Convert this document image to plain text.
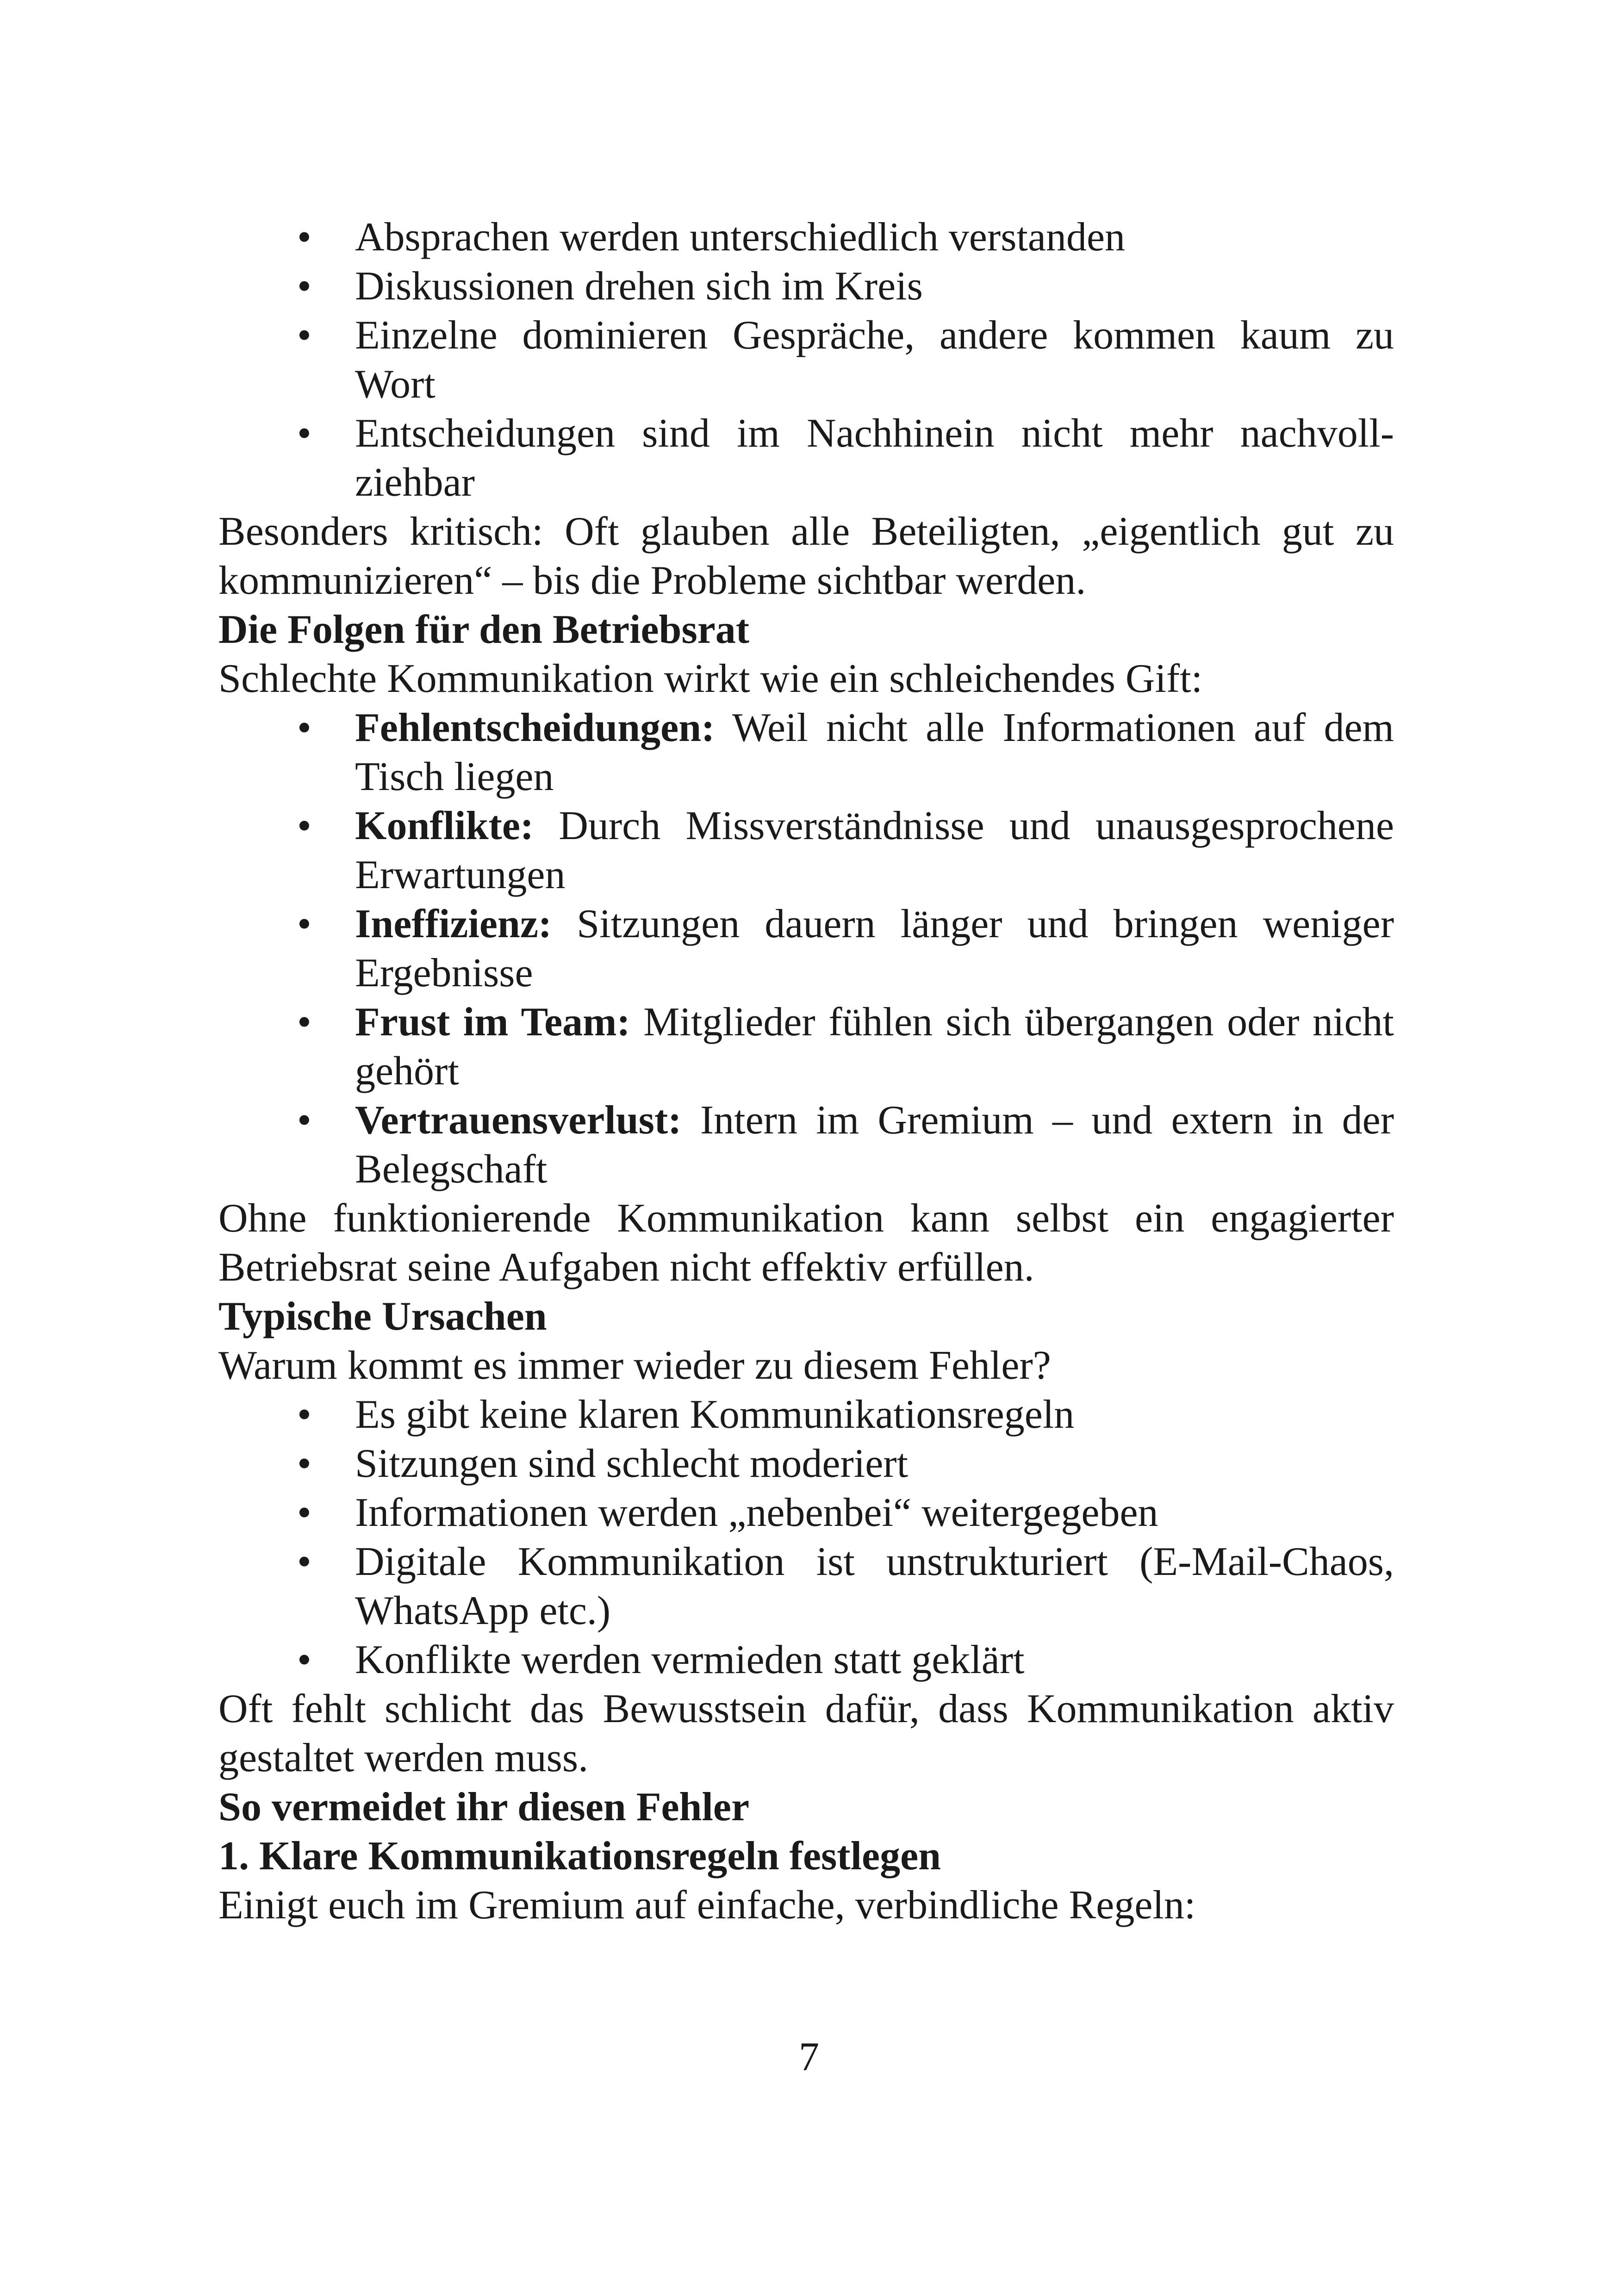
• Absprachen werden unterschiedlich verstanden
• Diskussionen drehen sich im Kreis
• Einzelne dominieren Gespräche, andere kommen kaum zu Wort
• Entscheidungen sind im Nachhinein nicht mehr nachvoll-ziehbar

Besonders kritisch: Oft glauben alle Beteiligten, „eigentlich gut zu kommunizieren“ – bis die Probleme sichtbar werden.

Die Folgen für den Betriebsrat

Schlechte Kommunikation wirkt wie ein schleichendes Gift:

• Fehlentscheidungen: Weil nicht alle Informationen auf dem Tisch liegen
• Konflikte: Durch Missverständnisse und unausgesprochene Erwartungen
• Ineffizienz: Sitzungen dauern länger und bringen weniger Ergebnisse
• Frust im Team: Mitglieder fühlen sich übergangen oder nicht gehört
• Vertrauensverlust: Intern im Gremium – und extern in der Belegschaft

Ohne funktionierende Kommunikation kann selbst ein engagierter Betriebsrat seine Aufgaben nicht effektiv erfüllen.

Typische Ursachen

Warum kommt es immer wieder zu diesem Fehler?

• Es gibt keine klaren Kommunikationsregeln
• Sitzungen sind schlecht moderiert
• Informationen werden „nebenbei“ weitergegeben
• Digitale Kommunikation ist unstrukturiert (E-Mail-Chaos, WhatsApp etc.)
• Konflikte werden vermieden statt geklärt

Oft fehlt schlicht das Bewusstsein dafür, dass Kommunikation aktiv gestaltet werden muss.

So vermeidet ihr diesen Fehler

1. Klare Kommunikationsregeln festlegen

Einigt euch im Gremium auf einfache, verbindliche Regeln:

7
